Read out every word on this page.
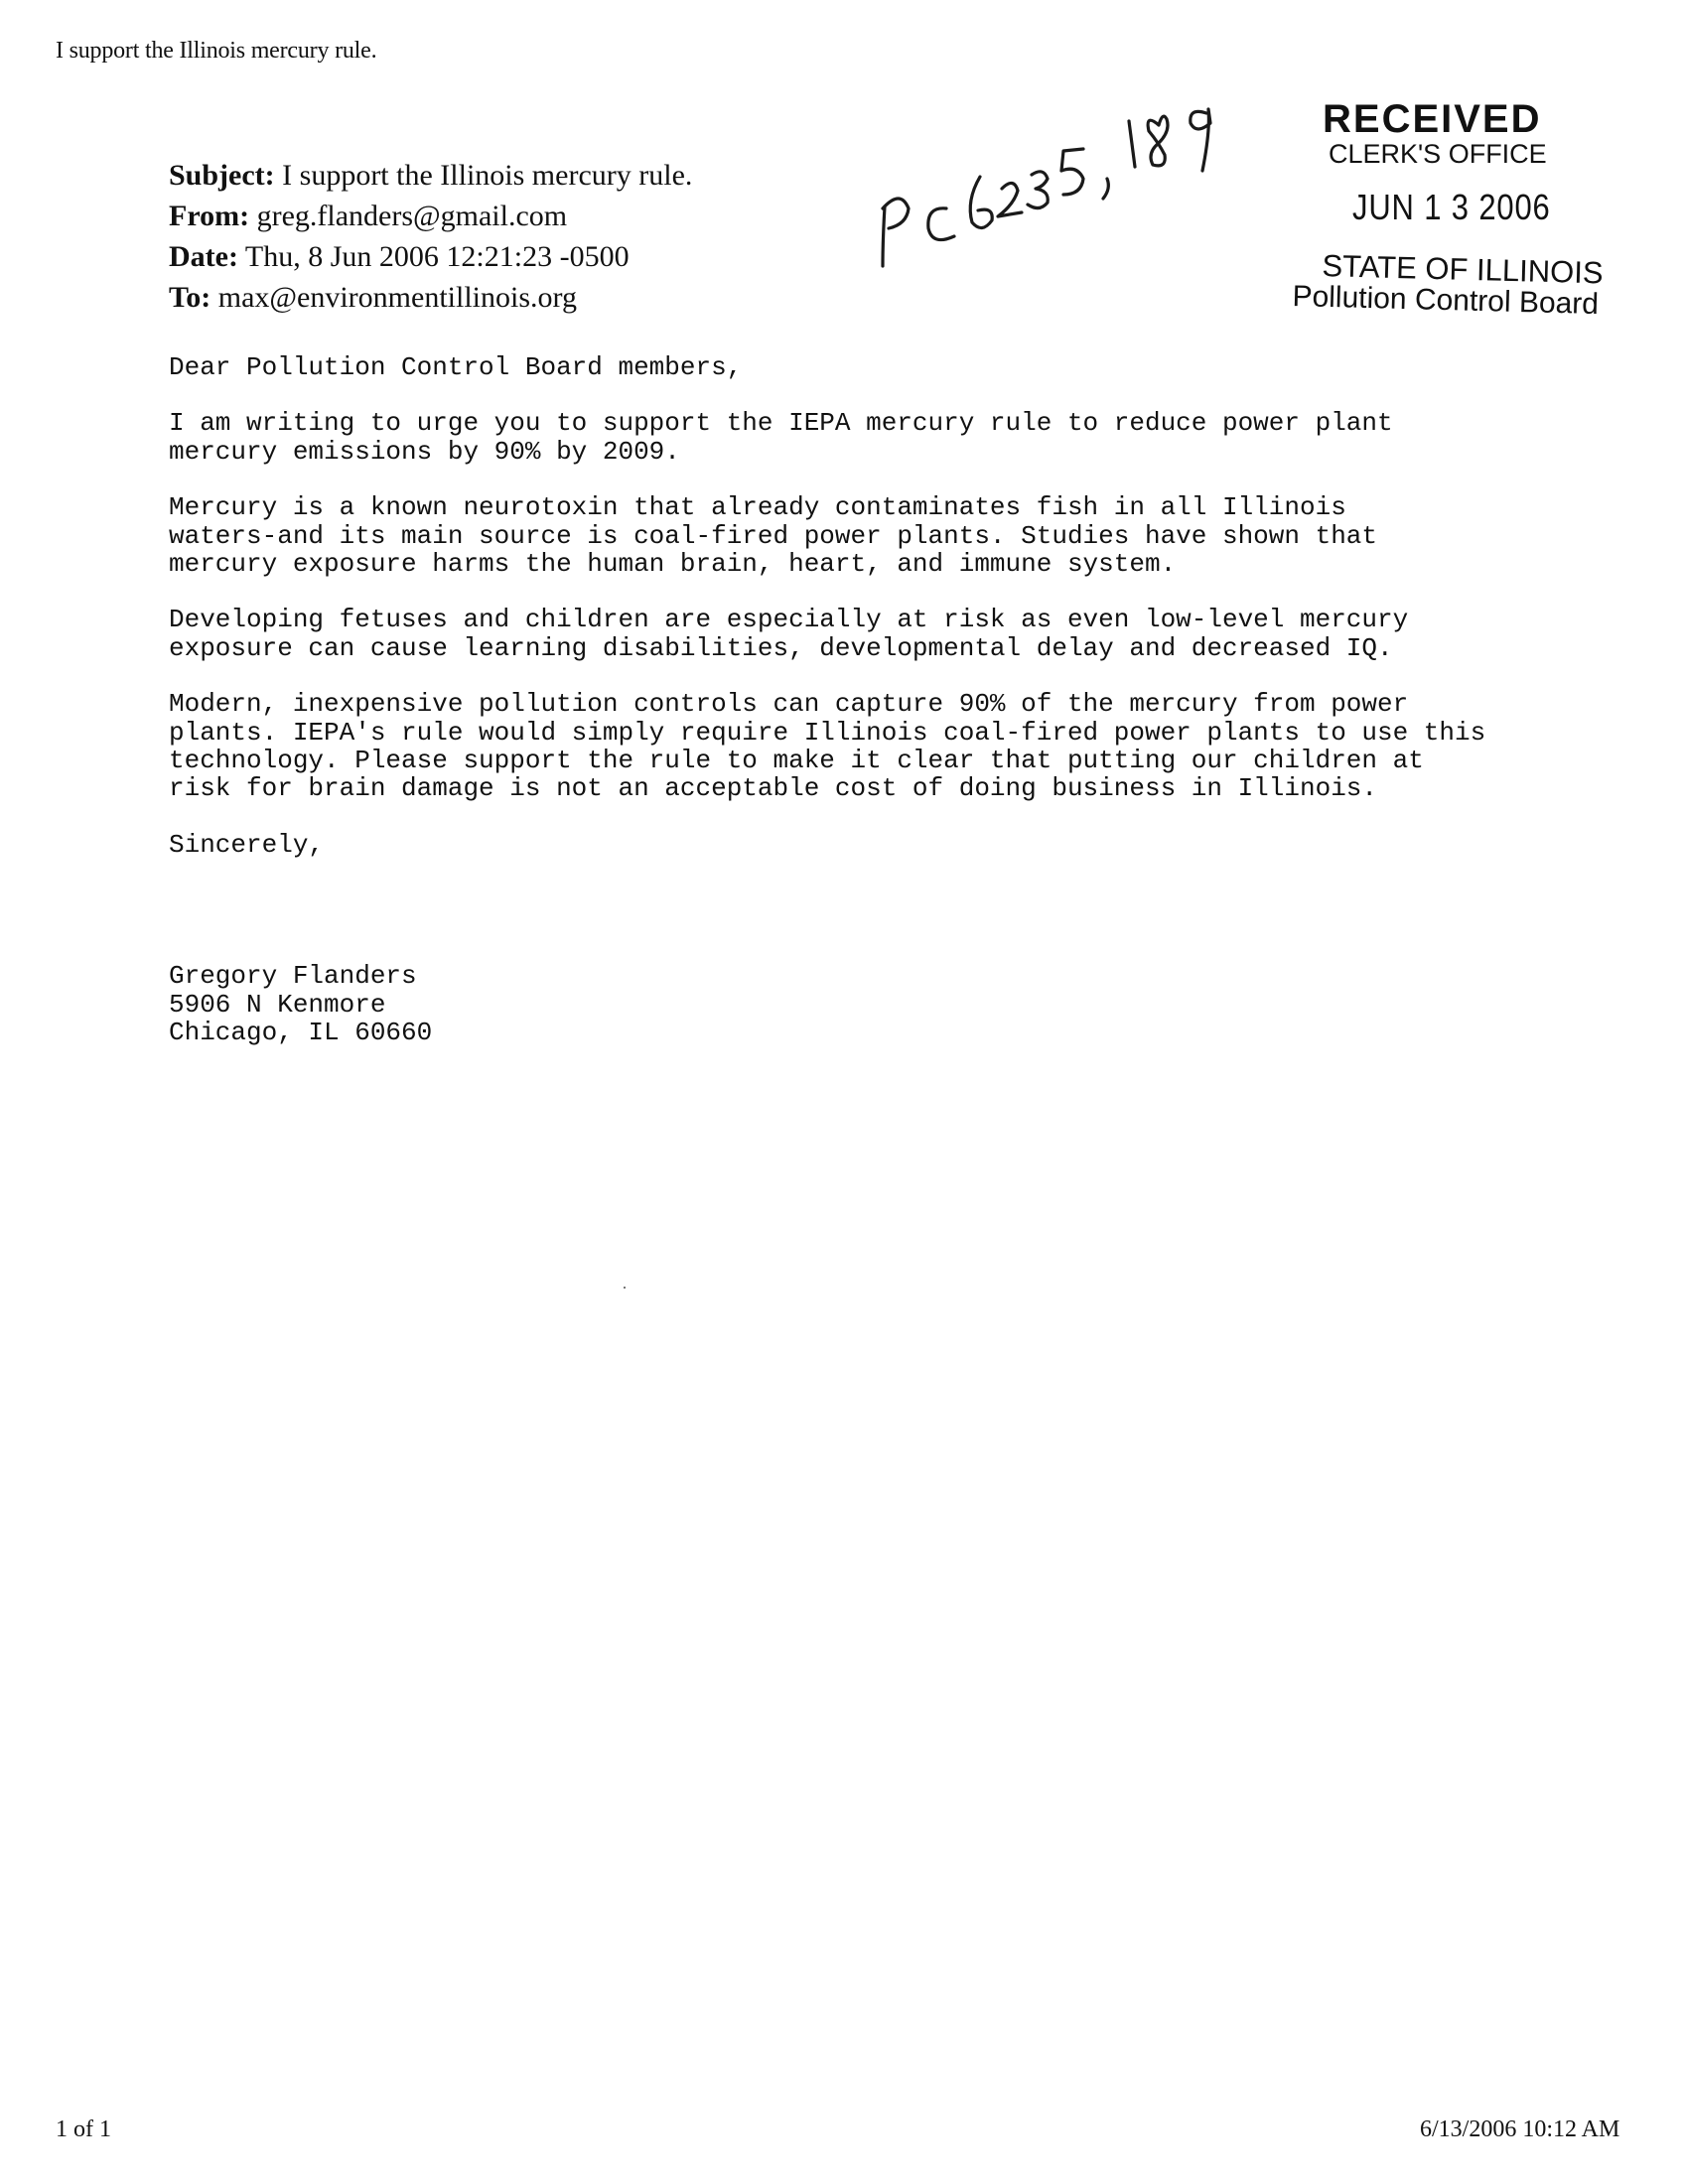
I support the Illinois mercury rule.
Subject: I support the Illinois mercury rule.
From: greg.flanders@gmail.com
Date: Thu, 8 Jun 2006 12:21:23 -0500
To: max@environmentillinois.org
RECEIVED
CLERK'S OFFICE
JUN 1 3 2006
STATE OF ILLINOIS
Pollution Control Board

Dear Pollution Control Board members,

I am writing to urge you to support the IEPA mercury rule to reduce power plant
mercury emissions by 90% by 2009.

Mercury is a known neurotoxin that already contaminates fish in all Illinois
waters-and its main source is coal-fired power plants. Studies have shown that
mercury exposure harms the human brain, heart, and immune system.

Developing fetuses and children are especially at risk as even low-level mercury
exposure can cause learning disabilities, developmental delay and decreased IQ.

Modern, inexpensive pollution controls can capture 90% of the mercury from power
plants. IEPA's rule would simply require Illinois coal-fired power plants to use this
technology. Please support the rule to make it clear that putting our children at
risk for brain damage is not an acceptable cost of doing business in Illinois.

Sincerely,

Gregory Flanders
5906 N Kenmore
Chicago, IL 60660
1 of 1	6/13/2006 10:12 AM
